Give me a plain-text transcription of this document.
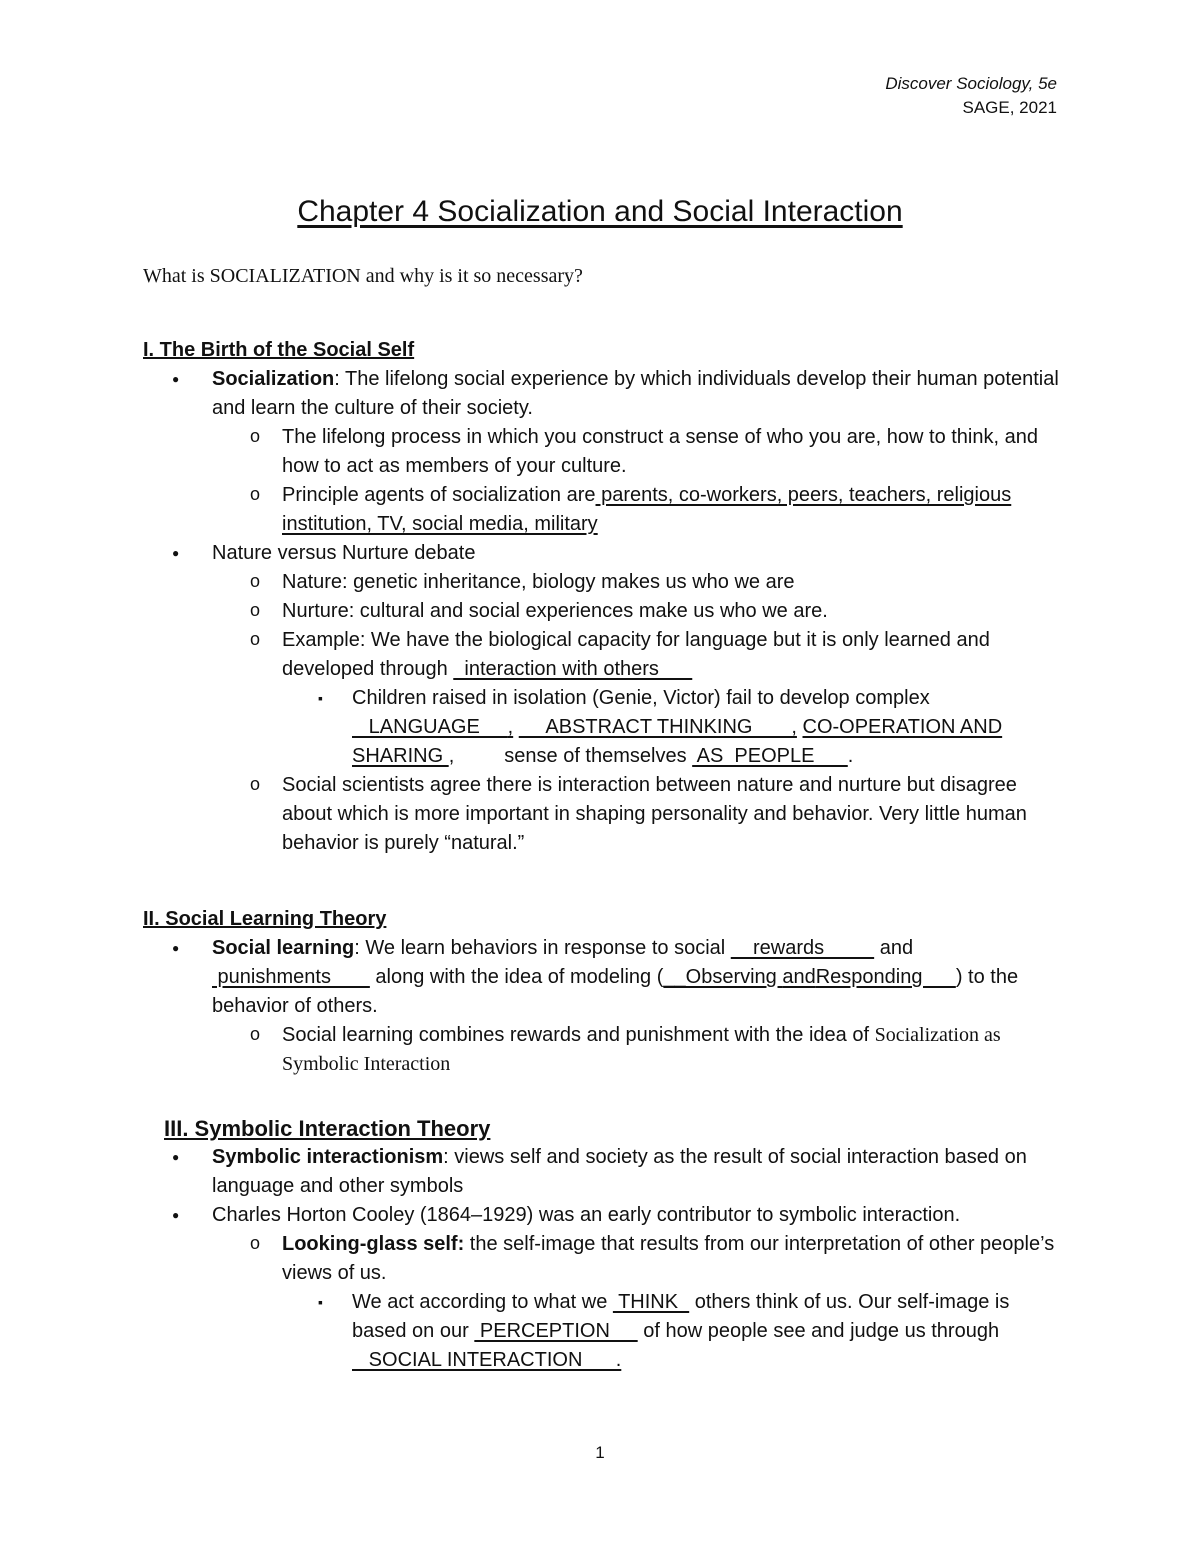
Discover Sociology, 5e
SAGE, 2021
Chapter 4 Socialization and Social Interaction
What is SOCIALIZATION and why is it so necessary?
I. The Birth of the Social Self
● Socialization: The lifelong social experience by which individuals develop their human potential and learn the culture of their society.
o The lifelong process in which you construct a sense of who you are, how to think, and how to act as members of your culture.
o Principle agents of socialization are parents, co-workers, peers, teachers, religious institution, TV, social media, military
● Nature versus Nurture debate
o Nature: genetic inheritance, biology makes us who we are
o Nurture: cultural and social experiences make us who we are.
o Example: We have the biological capacity for language but it is only learned and developed through   interaction with others
▪ Children raised in isolation (Genie, Victor) fail to develop complex
LANGUAGE     ,      ABSTRACT THINKING       , CO-OPERATION AND SHARING ,	sense of themselves  AS  PEOPLE      .
o Social scientists agree there is interaction between nature and nurture but disagree about which is more important in shaping personality and behavior. Very little human behavior is purely “natural.”
II. Social Learning Theory
● Social learning: We learn behaviors in response to social     rewards          and
punishments        along with the idea of modeling (__Observing andResponding      ) to the behavior of others.
o Social learning combines rewards and punishment with the idea of Socialization as Symbolic Interaction
III. Symbolic Interaction Theory
● Symbolic interactionism: views self and society as the result of social interaction based on language and other symbols
● Charles Horton Cooley (1864–1929) was an early contributor to symbolic interaction.
o Looking-glass self: the self-image that results from our interpretation of other people’s views of us.
▪ We act according to what we  THINK   others think of us. Our self-image is based on our  PERCEPTION      of how people see and judge us through
SOCIAL INTERACTION      .
1
